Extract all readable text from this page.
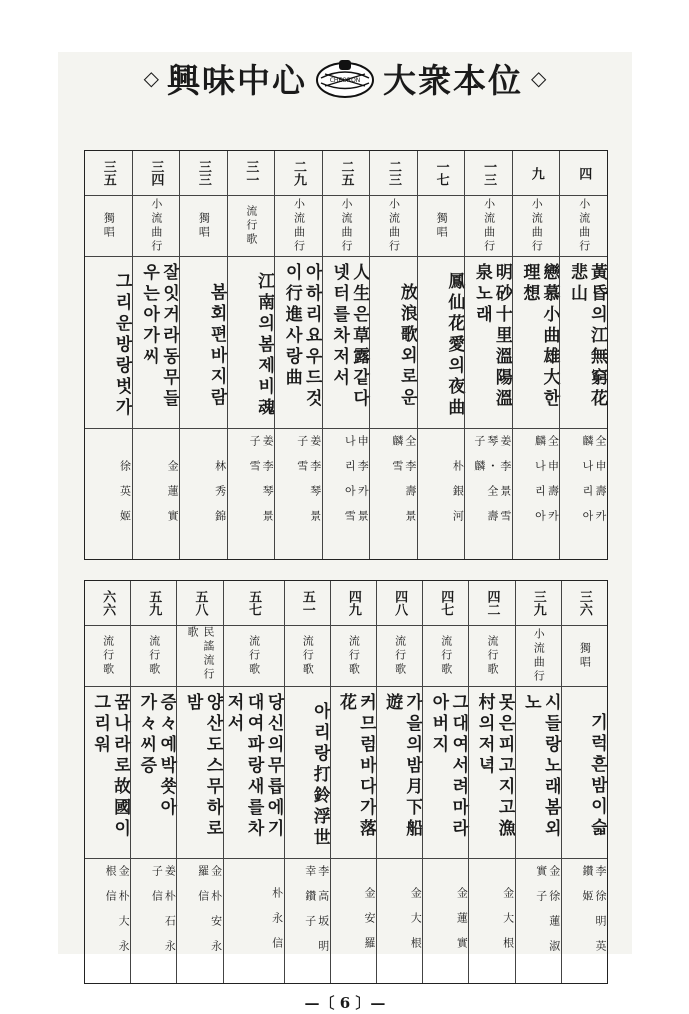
◇ 興味中心	CHEORON 大衆本位 ◇
四
小流曲行
黃昏의江無窮花悲山
全申壽카麟나리아
九
小流曲行
戀慕小曲雄大한理想
全申壽카麟나리아
一三
小流曲行
明砂十里溫陽溫泉노래
姜李景雪琴・全壽子麟
一七
獨唱
鳳仙花愛의夜曲
朴銀河
二三
小流曲行
放浪歌외로운
全李壽景麟雪
二五
小流曲行
人生은草露같다넷터를차저서
申李카景나리아雪
二九
小流曲行
아하리요우드것이行進사랑曲
姜李琴景子雪
三一
流行歌
江南의봄제비魂
姜李琴景子雪
三三
獨唱
봄회편바지람
林秀錦
三四
小流曲行
잘잇거라동무들우는아가씨
金蓮實
三五
獨唱
그리운방랑벗가
徐英姬
三六
獨唱
기럭흔밤이슯
李徐明英鑽姬
三九
小流曲行
시들랑노래봄외노
金徐蓮淑實子
四二
流行歌
못은피고지고漁村의저녁
金大根
四七
流行歌
그대여서려마라아버지
金蓮實
四八
流行歌
가을의밤月下船遊
金大根
四九
流行歌
커므럼바다가落花
金安羅
五一
流行歌
아리랑打鈴浮世
李高坂明幸鑽子
五七
流行歌
당신의무릅에기대여파랑새를차저서
朴永信
五八
民謠流行歌
양산도스무하로밤
金朴安永羅信
五九
流行歌
증々예박쑛아가々씨증
姜朴石永子信
六六
流行歌
꿈나라로故國이그리워
金朴大永根信
—〔 6 〕—
